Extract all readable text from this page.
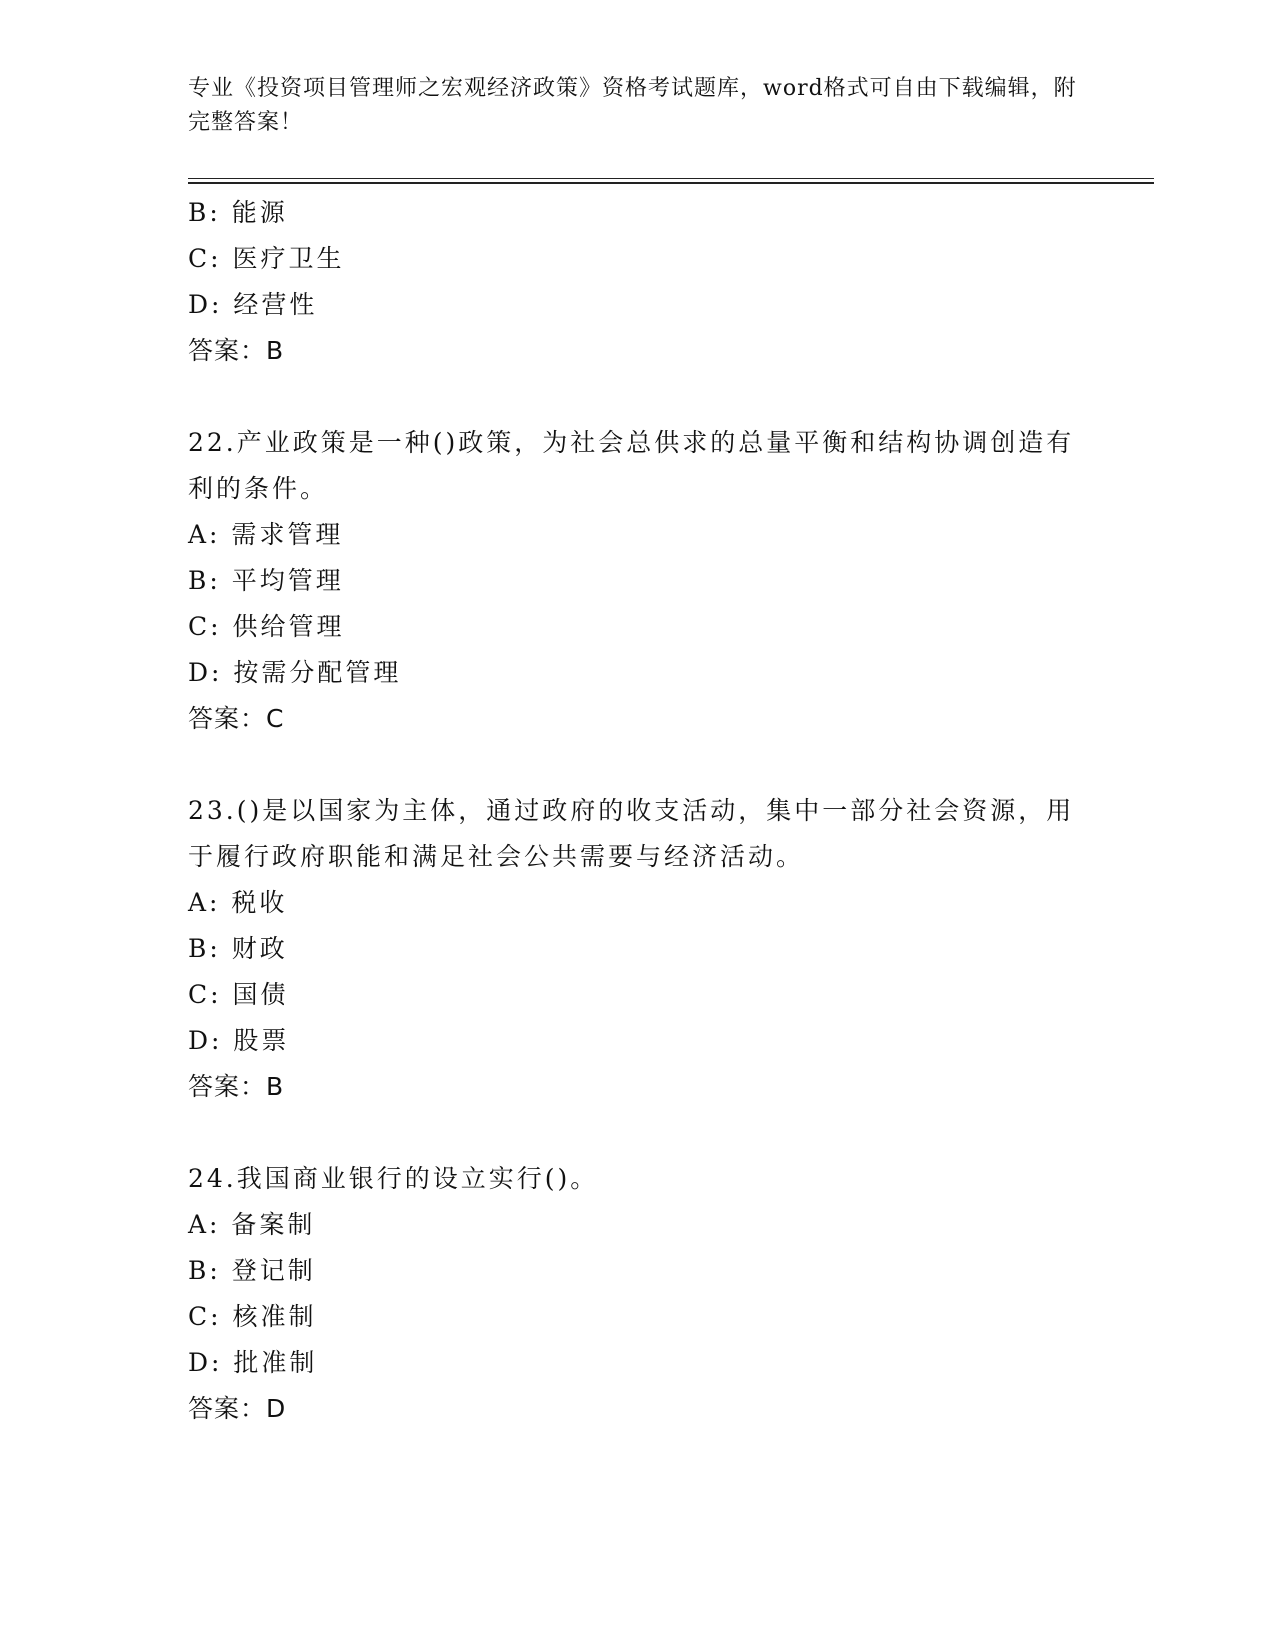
专业《投资项目管理师之宏观经济政策》资格考试题库，word格式可自由下载编辑，附完整答案！
B: 能源
C: 医疗卫生
D: 经营性
答案：B
22.产业政策是一种()政策，为社会总供求的总量平衡和结构协调创造有利的条件。
A: 需求管理
B: 平均管理
C: 供给管理
D: 按需分配管理
答案：C
23.()是以国家为主体，通过政府的收支活动，集中一部分社会资源，用于履行政府职能和满足社会公共需要与经济活动。
A: 税收
B: 财政
C: 国债
D: 股票
答案：B
24.我国商业银行的设立实行()。
A: 备案制
B: 登记制
C: 核准制
D: 批准制
答案：D
